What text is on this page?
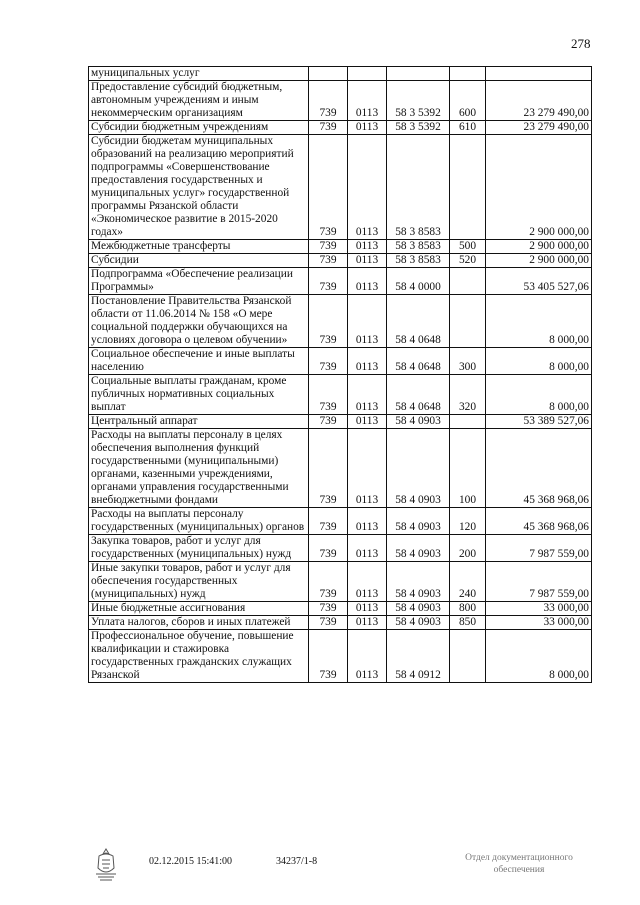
278
муниципальных услуг					
Предоставление субсидий бюджетным, автономным учреждениям и иным некоммерческим организациям	739	0113	58 3 5392	600	23 279 490,00
Субсидии бюджетным учреждениям	739	0113	58 3 5392	610	23 279 490,00
Субсидии бюджетам муниципальных образований на реализацию мероприятий подпрограммы «Совершенствование предоставления государственных и муниципальных услуг» государственной программы Рязанской области «Экономическое развитие в 2015-2020 годах»	739	0113	58 3 8583		2 900 000,00
Межбюджетные трансферты	739	0113	58 3 8583	500	2 900 000,00
Субсидии	739	0113	58 3 8583	520	2 900 000,00
Подпрограмма «Обеспечение реализации Программы»	739	0113	58 4 0000		53 405 527,06
Постановление Правительства Рязанской области от 11.06.2014 № 158 «О мере социальной поддержки обучающихся на условиях договора о целевом обучении»	739	0113	58 4 0648		8 000,00
Социальное обеспечение и иные выплаты населению	739	0113	58 4 0648	300	8 000,00
Социальные выплаты гражданам, кроме публичных нормативных социальных выплат	739	0113	58 4 0648	320	8 000,00
Центральный аппарат	739	0113	58 4 0903		53 389 527,06
Расходы на выплаты персоналу в целях обеспечения выполнения функций государственными (муниципальными) органами, казенными учреждениями, органами управления государственными внебюджетными фондами	739	0113	58 4 0903	100	45 368 968,06
Расходы на выплаты персоналу государственных (муниципальных) органов	739	0113	58 4 0903	120	45 368 968,06
Закупка товаров, работ и услуг для государственных (муниципальных) нужд	739	0113	58 4 0903	200	7 987 559,00
Иные закупки товаров, работ и услуг для обеспечения государственных (муниципальных) нужд	739	0113	58 4 0903	240	7 987 559,00
Иные бюджетные ассигнования	739	0113	58 4 0903	800	33 000,00
Уплата налогов, сборов и иных платежей	739	0113	58 4 0903	850	33 000,00
Профессиональное обучение, повышение квалификации и стажировка государственных гражданских служащих Рязанской	739	0113	58 4 0912		8 000,00
02.12.2015 15:41:00	34237/1-8	Отдел документационного
обеспечения
